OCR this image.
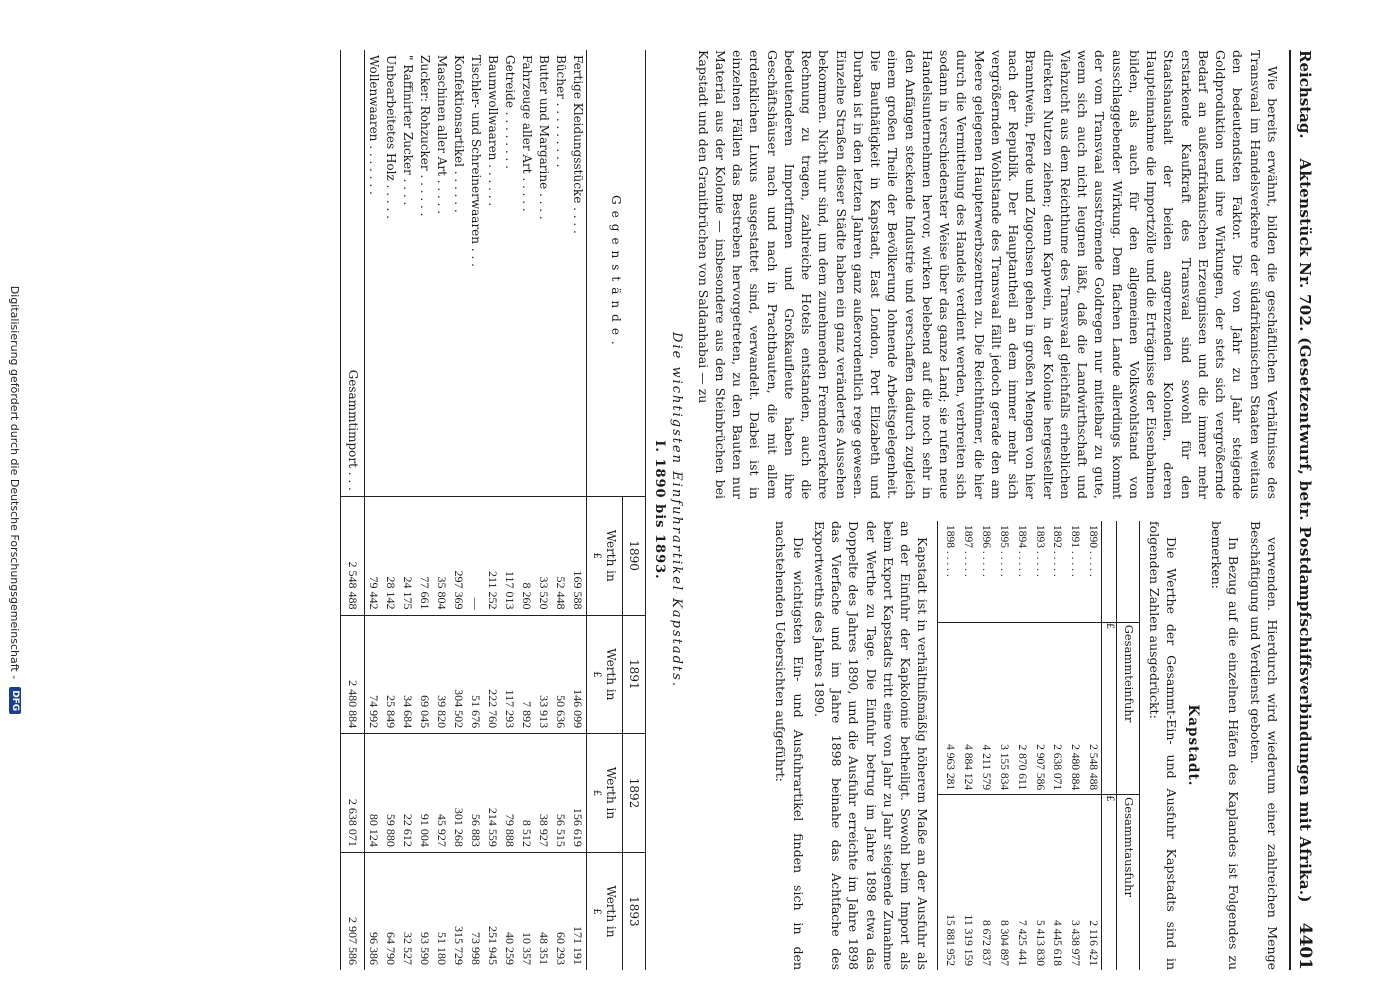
Digitalisierung gefördert durch die Deutsche Forschungsgemeinschaft -
DFG
Reichstag.
Aktenstück Nr. 702. (Gesetzentwurf, betr. Postdampfschiffsverbindungen mit Afrika.)
4401

Wie bereits erwähnt, bilden die geschäftlichen Verhältnisse des Transvaal im Handelsverkehre der südafrikanischen Staaten weitaus den bedeutendsten Faktor. Die von Jahr zu Jahr steigende Goldproduktion und ihre Wirkungen, der stets sich vergrößernde Bedarf an außerafrikanischen Erzeugnissen und die immer mehr erstarkende Kaufkraft des Transvaal sind sowohl für den Staatshaushalt der beiden angrenzenden Kolonien, deren Haupteinnahme die Importzölle und die Erträgnisse der Eisenbahnen bilden, als auch für den allgemeinen Volkswohlstand von ausschlaggebender Wirkung. Dem flachen Lande allerdings kommt der vom Transvaal ausströmende Goldregen nur mittelbar zu gute, wenn sich auch nicht leugnen läßt, daß die Landwirthschaft und Viehzucht aus dem Reichthume des Transvaal gleichfalls erheblichen direkten Nutzen ziehen; denn Kapwein, in der Kolonie hergestellter Branntwein, Pferde und Zugochsen gehen in großen Mengen von hier nach der Republik. Der Hauptantheil an dem immer mehr sich vergrößernden Wohlstande des Transvaal fällt jedoch gerade den am Meere gelegenen Haupterwerbszentren zu. Die Reichthümer, die hier durch die Vermittelung des Handels verdient werden, verbreiten sich sodann in verschiedenster Weise über das ganze Land; sie rufen neue Handelsunternehmen hervor, wirken belebend auf die noch sehr in den Anfängen steckende Industrie und verschaffen dadurch zugleich einem großen Theile der Bevölkerung lohnende Arbeitsgelegenheit. Die Bauthätigkeit in Kapstadt, East London, Port Elizabeth und Durban ist in den letzten Jahren ganz außerordentlich rege gewesen. Einzelne Straßen dieser Städte haben ein ganz verändertes Aussehen bekommen. Nicht nur sind, um dem zunehmenden Fremdenverkehre Rechnung zu tragen, zahlreiche Hotels entstanden, auch die bedeutenderen Importfirmen und Großkaufleute haben ihre Geschäftshäuser nach und nach in Prachtbauten, die mit allem erdenklichen Luxus ausgestattet sind, verwandelt. Dabei ist in einzelnen Fällen das Bestreben hervorgetreten, zu den Bauten nur Material aus der Kolonie — insbesondere aus den Steinbrüchen bei Kapstadt und den Granitbrüchen von Saldanhabai — zu

verwenden. Hierdurch wird wiederum einer zahlreichen Menge Beschäftigung und Verdienst geboten.

In Bezug auf die einzelnen Häfen des Kaplandes ist Folgendes zu bemerken:

Kapstadt.

Die Werthe der Gesammt-Ein- und Ausfuhr Kapstadts sind in folgenden Zahlen ausgedrückt:

	Gesammteinfuhr	Gesammtausfuhr
	£	£
1890 . . . . .	2 548 488	2 116 421
1891 . . . . .	2 480 884	3 438 977
1892 . . . . .	2 638 071	4 445 618
1893 . . . . .	2 907 586	5 413 830
1894 . . . . .	2 870 611	7 425 441
1895 . . . . .	3 155 834	8 304 897
1896 . . . . .	4 211 579	8 672 837
1897 . . . . .	4 884 124	11 319 159
1898 . . . . .	4 963 281	15 881 952

Kapstadt ist in verhältnißmäßig höherem Maße an der Ausfuhr als an der Einfuhr der Kapkolonie betheiligt. Sowohl beim Import als beim Export Kapstadts tritt eine von Jahr zu Jahr steigende Zunahme der Werthe zu Tage. Die Einfuhr betrug im Jahre 1898 etwa das Doppelte des Jahres 1890, und die Ausfuhr erreichte im Jahre 1898 das Vierfache und im Jahre 1898 beinahe das Achtfache des Exportwerths des Jahres 1890.

Die wichtigsten Ein- und Ausfuhrartikel finden sich in den nachstehenden Uebersichten aufgeführt:

Die wichtigsten Einfuhrartikel Kapstadts.
I. 1890 bis 1893.
Gegenstände.	1890	1891	1892	1893
	Werth in
£	Werth in
£	Werth in
£	Werth in
£

Fertige Kleidungsstücke . . . .	169 588	146 099	156 619	171 191
Bücher . . . . . . . . .	52 448	50 636	56 515	60 293
Butter und Margarine . . . .	33 520	33 913	38 927	48 351
Fahrzeuge aller Art . . . . .	8 260	7 892	8 512	10 357
Getreide . . . . . . . .	117 013	117 293	79 888	40 259
Baumwollwaaren . . . . . .	211 252	222 760	214 559	251 945
Tischler- und Schreinerwaaren . . .	—	51 676	56 883	73 998
Konfektionsartikel . . . . . .	297 369	304 502	301 268	315 729
Maschinen aller Art . . . . .	35 804	39 820	45 927	51 180
Zucker: Rohzucker . . . . . .	77 661	69 045	91 004	93 590
" Raffinirter Zucker . . . .	24 175	34 684	22 612	32 527
Unbearbeitetes Holz . . . . .	28 142	25 849	59 880	64 790
Wollenwaaren . . . . . . .	79 442	74 992	80 124	96 386
Gesammtimport . . .	2 548 488	2 480 884	2 638 071	2 907 586
